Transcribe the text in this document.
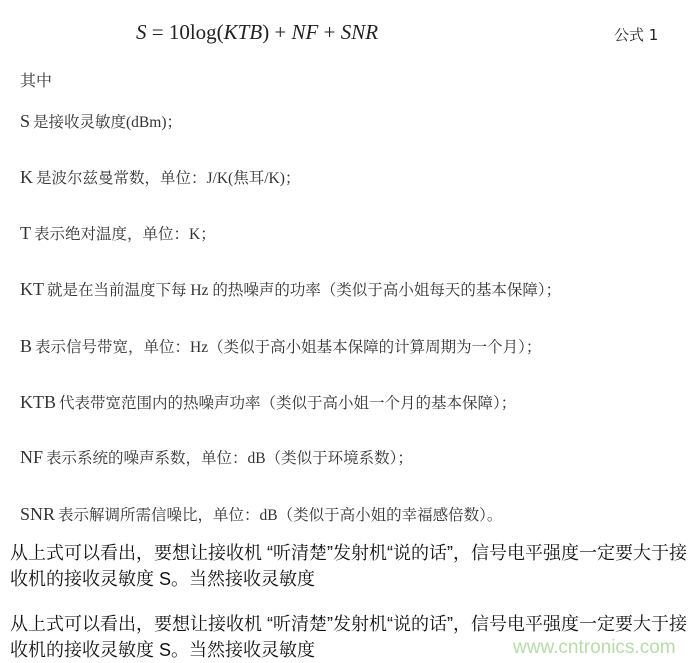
S = 10log(KTB) + NF + SNR	公式 1
其中
S 是接收灵敏度(dBm)；
K 是波尔兹曼常数，单位：J/K(焦耳/K)；
T 表示绝对温度，单位：K；
KT 就是在当前温度下每 Hz 的热噪声的功率（类似于高小姐每天的基本保障）；
B 表示信号带宽，单位：Hz（类似于高小姐基本保障的计算周期为一个月）；
KTB 代表带宽范围内的热噪声功率（类似于高小姐一个月的基本保障）；
NF 表示系统的噪声系数，单位：dB（类似于环境系数）；
SNR 表示解调所需信噪比，单位：dB（类似于高小姐的幸福感倍数）。
从上式可以看出，要想让接收机 “听清楚”发射机“说的话”，信号电平强度一定要大于接收机的接收灵敏度 S。当然接收灵敏度
从上式可以看出，要想让接收机 “听清楚”发射机“说的话”，信号电平强度一定要大于接收机的接收灵敏度 S。当然接收灵敏度	www.cntronics.com
